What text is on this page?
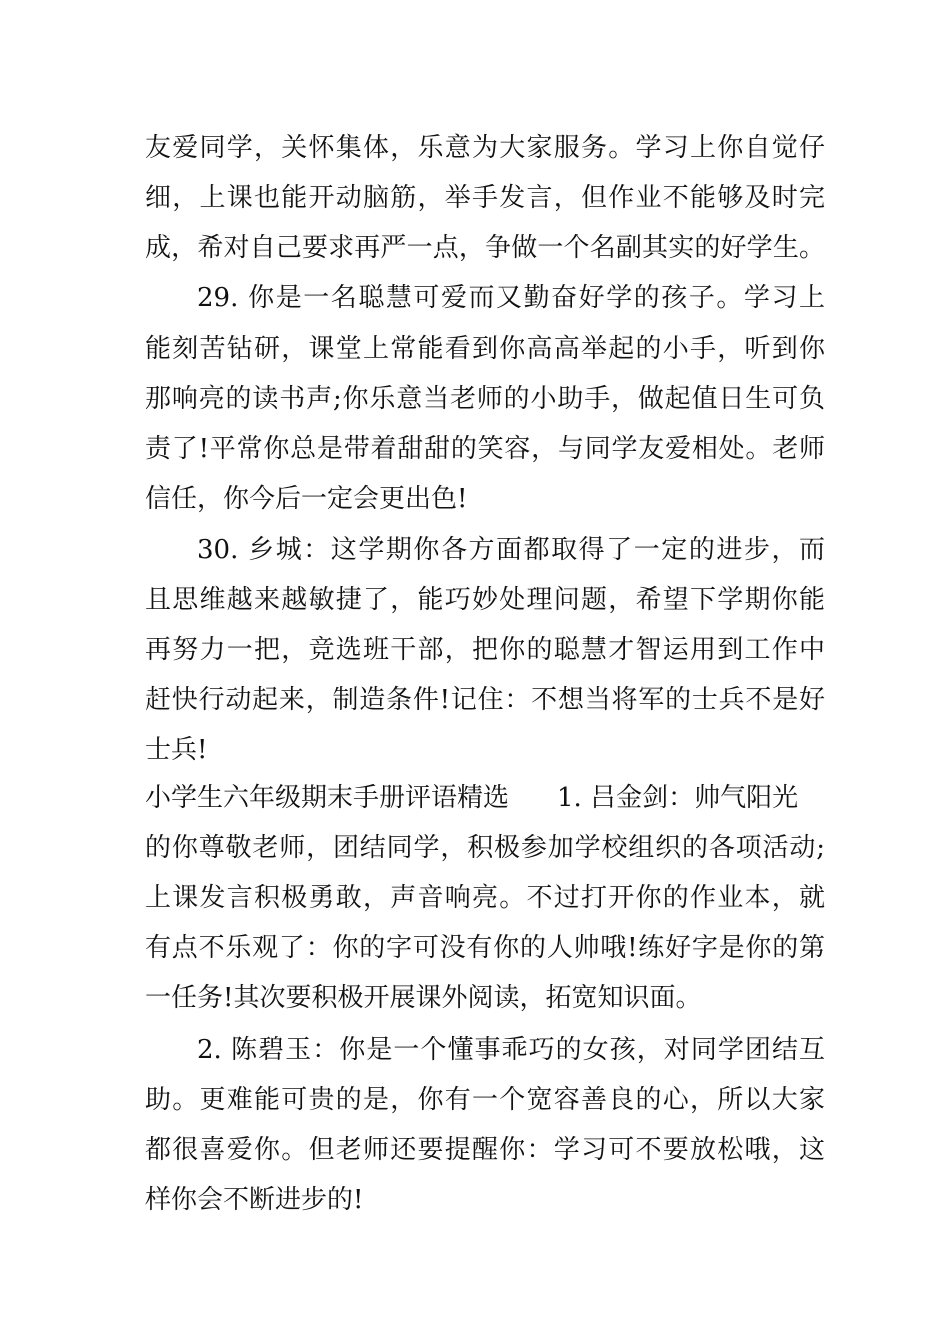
友爱同学，关怀集体，乐意为大家服务。学习上你自觉仔
细，上课也能开动脑筋，举手发言，但作业不能够及时完
成，希对自己要求再严一点，争做一个名副其实的好学生。
29. 你是一名聪慧可爱而又勤奋好学的孩子。学习上
能刻苦钻研，课堂上常能看到你高高举起的小手，听到你
那响亮的读书声;你乐意当老师的小助手，做起值日生可负
责了!平常你总是带着甜甜的笑容，与同学友爱相处。老师
信任，你今后一定会更出色!
30. 乡城：这学期你各方面都取得了一定的进步，而
且思维越来越敏捷了，能巧妙处理问题，希望下学期你能
再努力一把，竞选班干部，把你的聪慧才智运用到工作中
赶快行动起来，制造条件!记住：不想当将军的士兵不是好
士兵!
小学生六年级期末手册评语精选 1. 吕金剑：帅气阳光
的你尊敬老师，团结同学，积极参加学校组织的各项活动;
上课发言积极勇敢，声音响亮。不过打开你的作业本，就
有点不乐观了：你的字可没有你的人帅哦!练好字是你的第
一任务!其次要积极开展课外阅读，拓宽知识面。
2. 陈碧玉：你是一个懂事乖巧的女孩，对同学团结互
助。更难能可贵的是，你有一个宽容善良的心，所以大家
都很喜爱你。但老师还要提醒你：学习可不要放松哦，这
样你会不断进步的!
